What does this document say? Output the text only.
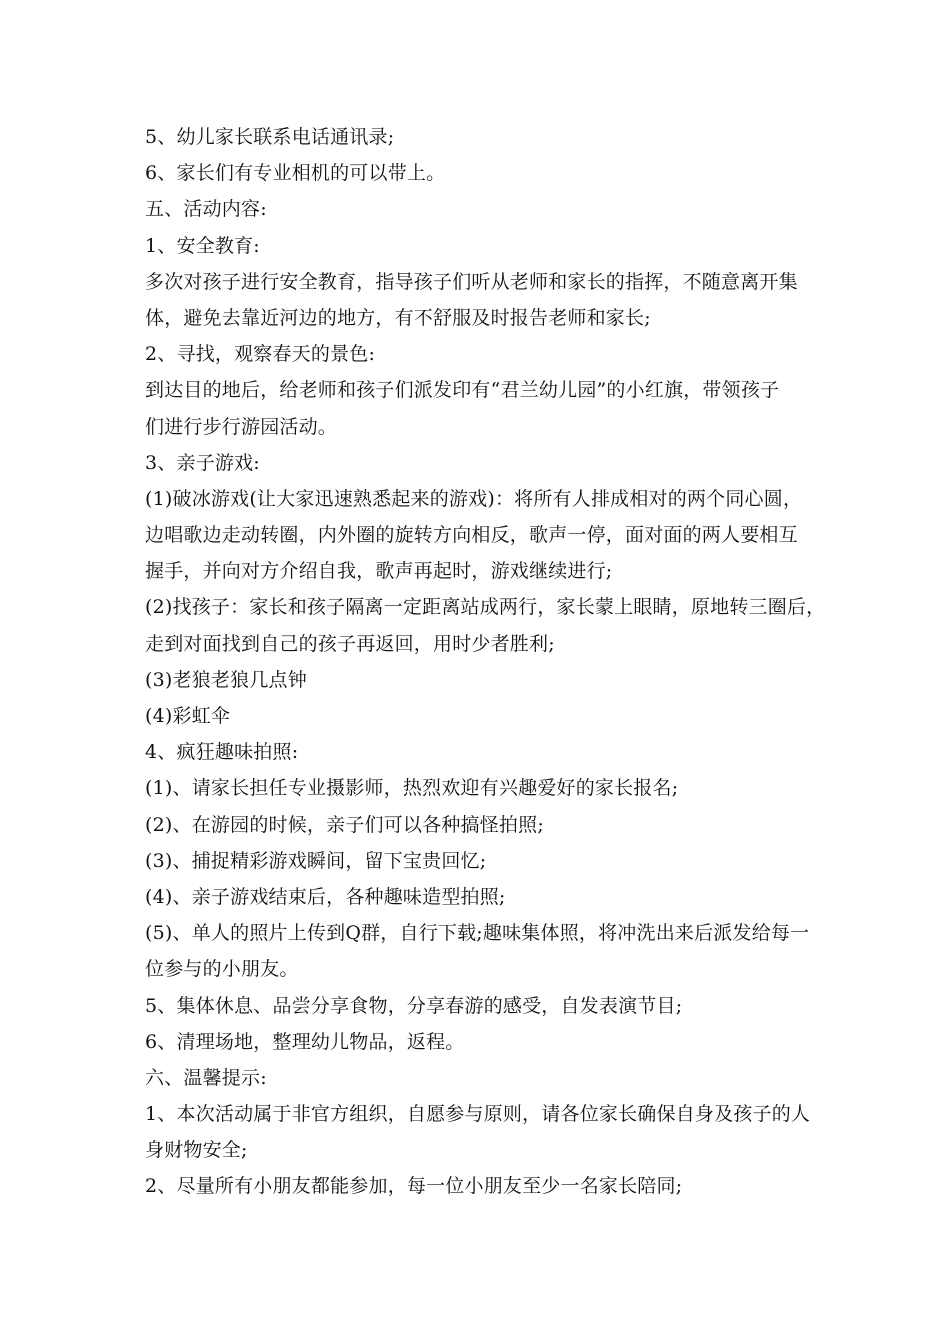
5、幼儿家长联系电话通讯录;
6、家长们有专业相机的可以带上。
五、活动内容:
1、安全教育:
多次对孩子进行安全教育，指导孩子们听从老师和家长的指挥，不随意离开集
体，避免去靠近河边的地方，有不舒服及时报告老师和家长;
2、寻找，观察春天的景色:
到达目的地后，给老师和孩子们派发印有“君兰幼儿园”的小红旗，带领孩子
们进行步行游园活动。
3、亲子游戏:
(1)破冰游戏(让大家迅速熟悉起来的游戏)：将所有人排成相对的两个同心圆，
边唱歌边走动转圈，内外圈的旋转方向相反，歌声一停，面对面的两人要相互
握手，并向对方介绍自我，歌声再起时，游戏继续进行;
(2)找孩子：家长和孩子隔离一定距离站成两行，家长蒙上眼睛，原地转三圈后，
走到对面找到自己的孩子再返回，用时少者胜利;
(3)老狼老狼几点钟
(4)彩虹伞
4、疯狂趣味拍照:
(1)、请家长担任专业摄影师，热烈欢迎有兴趣爱好的家长报名;
(2)、在游园的时候，亲子们可以各种搞怪拍照;
(3)、捕捉精彩游戏瞬间，留下宝贵回忆;
(4)、亲子游戏结束后，各种趣味造型拍照;
(5)、单人的照片上传到Q群，自行下载;趣味集体照，将冲洗出来后派发给每一
位参与的小朋友。
5、集体休息、品尝分享食物，分享春游的感受，自发表演节目;
6、清理场地，整理幼儿物品，返程。
六、温馨提示:
1、本次活动属于非官方组织，自愿参与原则，请各位家长确保自身及孩子的人
身财物安全;
2、尽量所有小朋友都能参加，每一位小朋友至少一名家长陪同;
